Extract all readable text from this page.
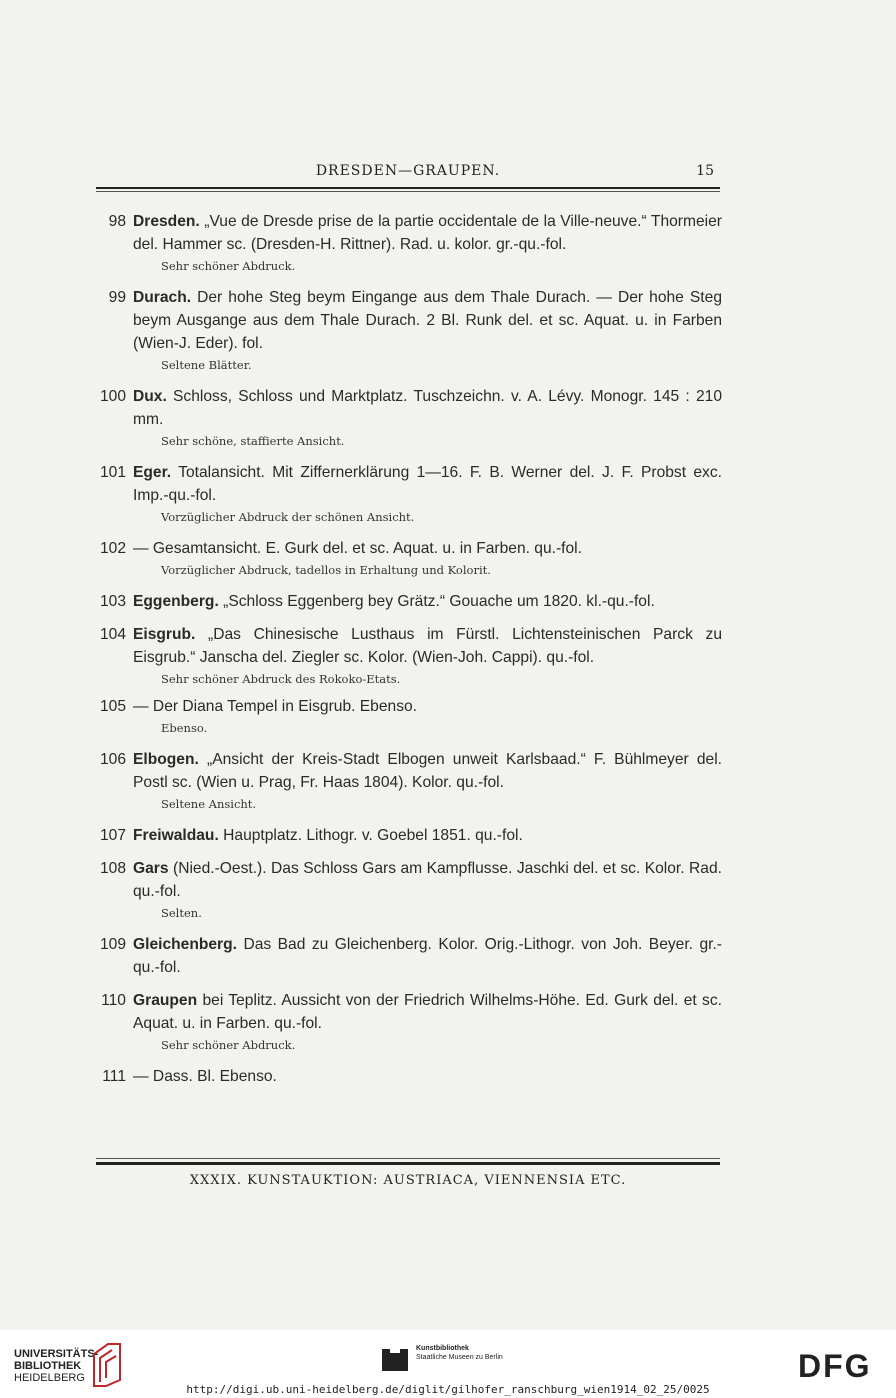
DRESDEN—GRAUPEN.	15
98 Dresden. „Vue de Dresde prise de la partie occidentale de la Ville-neuve.“ Thormeier del. Hammer sc. (Dresden-H. Rittner). Rad. u. kolor. gr.-qu.-fol.
Sehr schöner Abdruck.
99 Durach. Der hohe Steg beym Eingange aus dem Thale Durach. — Der hohe Steg beym Ausgange aus dem Thale Durach. 2 Bl. Runk del. et sc. Aquat. u. in Farben (Wien-J. Eder). fol.
Seltene Blätter.
100 Dux. Schloss, Schloss und Marktplatz. Tuschzeichn. v. A. Lévy. Monogr. 145 : 210 mm.
Sehr schöne, staffierte Ansicht.
101 Eger. Totalansicht. Mit Ziffernerklärung 1—16. F. B. Werner del. J. F. Probst exc. Imp.-qu.-fol.
Vorzüglicher Abdruck der schönen Ansicht.
102 — Gesamtansicht. E. Gurk del. et sc. Aquat. u. in Farben. qu.-fol.
Vorzüglicher Abdruck, tadellos in Erhaltung und Kolorit.
103 Eggenberg. „Schloss Eggenberg bey Grätz.“ Gouache um 1820. kl.-qu.-fol.
104 Eisgrub. „Das Chinesische Lusthaus im Fürstl. Lichtensteinischen Parck zu Eisgrub.“ Janscha del. Ziegler sc. Kolor. (Wien-Joh. Cappi). qu.-fol.
Sehr schöner Abdruck des Rokoko-Etats.
105 — Der Diana Tempel in Eisgrub. Ebenso.
Ebenso.
106 Elbogen. „Ansicht der Kreis-Stadt Elbogen unweit Karlsbaad.“ F. Bühlmeyer del. Postl sc. (Wien u. Prag, Fr. Haas 1804). Kolor. qu.-fol.
Seltene Ansicht.
107 Freiwaldau. Hauptplatz. Lithogr. v. Goebel 1851. qu.-fol.
108 Gars (Nied.-Oest.). Das Schloss Gars am Kampflusse. Jaschki del. et sc. Kolor. Rad. qu.-fol.
Selten.
109 Gleichenberg. Das Bad zu Gleichenberg. Kolor. Orig.-Lithogr. von Joh. Beyer. gr.-qu.-fol.
110 Graupen bei Teplitz. Aussicht von der Friedrich Wilhelms-Höhe. Ed. Gurk del. et sc. Aquat. u. in Farben. qu.-fol.
Sehr schöner Abdruck.
111 — Dass. Bl. Ebenso.
XXXIX. KUNSTAUKTION: AUSTRIACA, VIENNENSIA ETC.
UNIVERSITÄTS-
BIBLIOTHEK
HEIDELBERG
Kunstbibliothek
Staatliche Museen zu Berlin	DFG
http://digi.ub.uni-heidelberg.de/diglit/gilhofer_ranschburg_wien1914_02_25/0025
